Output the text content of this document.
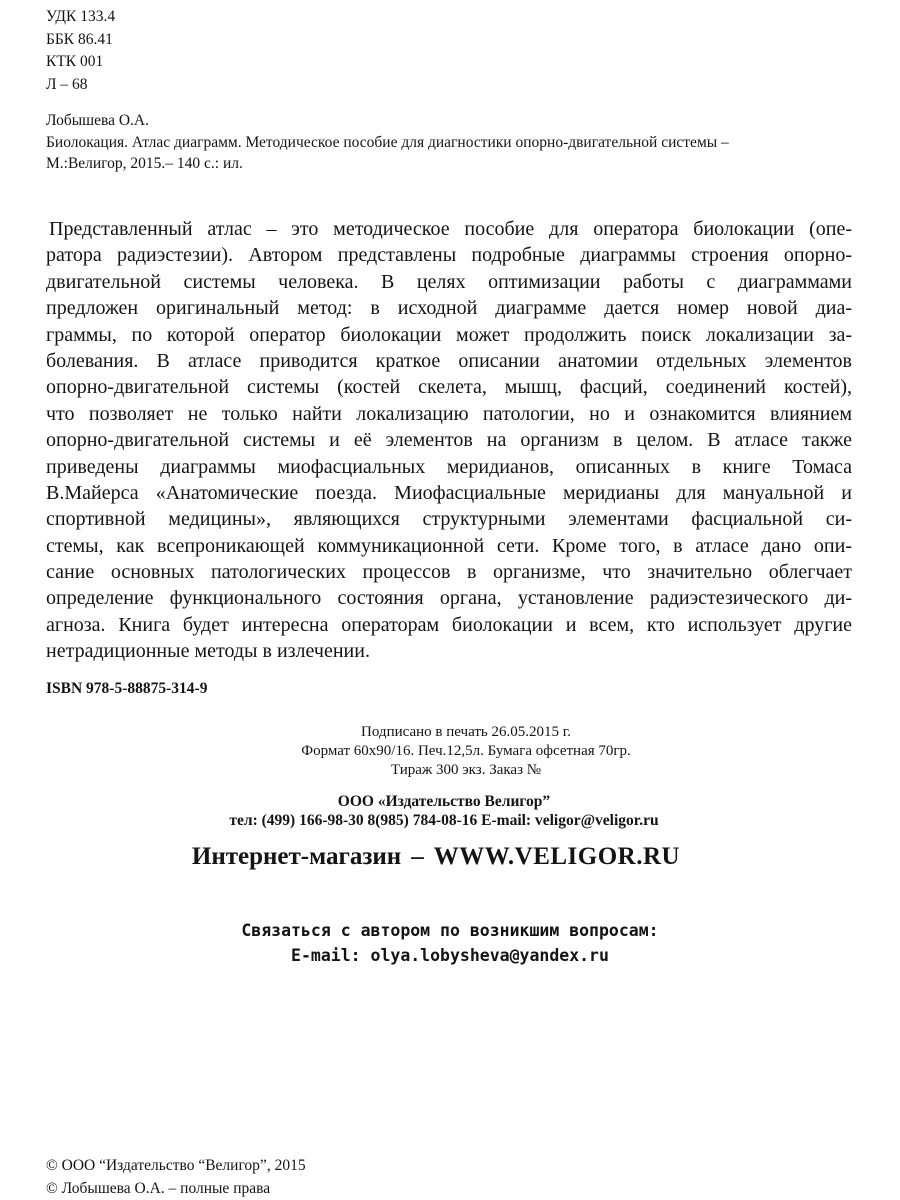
УДК 133.4
ББК 86.41
КТК 001
Л – 68
Лобышева О.А.
Биолокация. Атлас диаграмм. Методическое пособие для диагностики опорно-двигательной системы –
М.:Велигор, 2015.– 140 с.: ил.
Представленный атлас – это методическое пособие для оператора биолокации (опе-
ратора радиэстезии). Автором представлены подробные диаграммы строения опорно-
двигательной системы человека. В целях оптимизации работы с диаграммами
предложен оригинальный метод: в исходной диаграмме дается номер новой диа-
граммы, по которой оператор биолокации может продолжить поиск локализации за-
болевания. В атласе приводится краткое описании анатомии отдельных элементов
опорно-двигательной системы (костей скелета, мышц, фасций, соединений костей),
что позволяет не только найти локализацию патологии, но и ознакомится влиянием
опорно-двигательной системы и её элементов на организм в целом. В атласе также
приведены диаграммы миофасциальных меридианов, описанных в книге Томаса
В.Майерса «Анатомические поезда. Миофасциальные меридианы для мануальной и
спортивной медицины», являющихся структурными элементами фасциальной си-
стемы, как всепроникающей коммуникационной сети. Кроме того, в атласе дано опи-
сание основных патологических процессов в организме, что значительно облегчает
определение функционального состояния органа, установление радиэстезического ди-
агноза. Книга будет интересна операторам биолокации и всем, кто использует другие
нетрадиционные методы в излечении.
ISBN 978-5-88875-314-9
Подписано в печать 26.05.2015 г.
Формат 60х90/16. Печ.12,5л. Бумага офсетная 70гр.
Тираж 300 экз. Заказ №
ООО «Издательство Велигор”
тел: (499) 166-98-30 8(985) 784-08-16 E-mail: veligor@veligor.ru
Интернет-магазин – WWW.VELIGOR.RU
Связаться с автором по возникшим вопросам:
E-mail: olya.lobysheva@yandex.ru
© ООО “Издательство “Велигор”, 2015
© Лобышева О.А. – полные права
